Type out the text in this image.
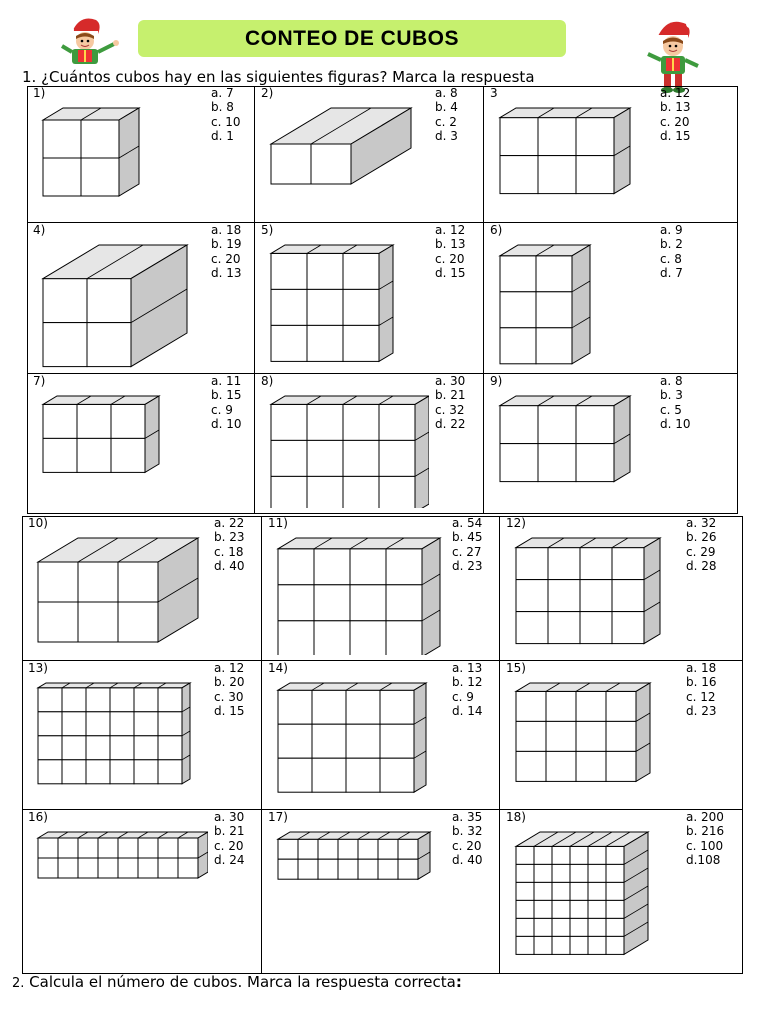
CONTEO DE CUBOS
1. ¿Cuántos cubos hay en las siguientes figuras? Marca la respuesta
1)	a. 7
b. 8
c. 10
d. 1
2)	a. 8
b. 4
c. 2
d. 3
3	a. 12
b. 13
c. 20
d. 15
4)	a. 18
b. 19
c. 20
d. 13
5)	a. 12
b. 13
c. 20
d. 15
6)	a. 9
b. 2
c. 8
d. 7
7)	a. 11
b. 15
c. 9
d. 10
8)	a. 30
b. 21
c. 32
d. 22
9)	a. 8
b. 3
c. 5
d. 10
10)	a. 22
b. 23
c. 18
d. 40
11)	a. 54
b. 45
c. 27
d. 23
12)	a. 32
b. 26
c. 29
d. 28
13)	a. 12
b. 20
c. 30
d. 15
14)	a. 13
b. 12
c. 9
d. 14
15)	a. 18
b. 16
c. 12
d. 23
16)	a. 30
b. 21
c. 20
d. 24
17)	a. 35
b. 32
c. 20
d. 40
18)	a. 200
b. 216
c. 100
d.108
2. Calcula el número de cubos. Marca la respuesta correcta:
